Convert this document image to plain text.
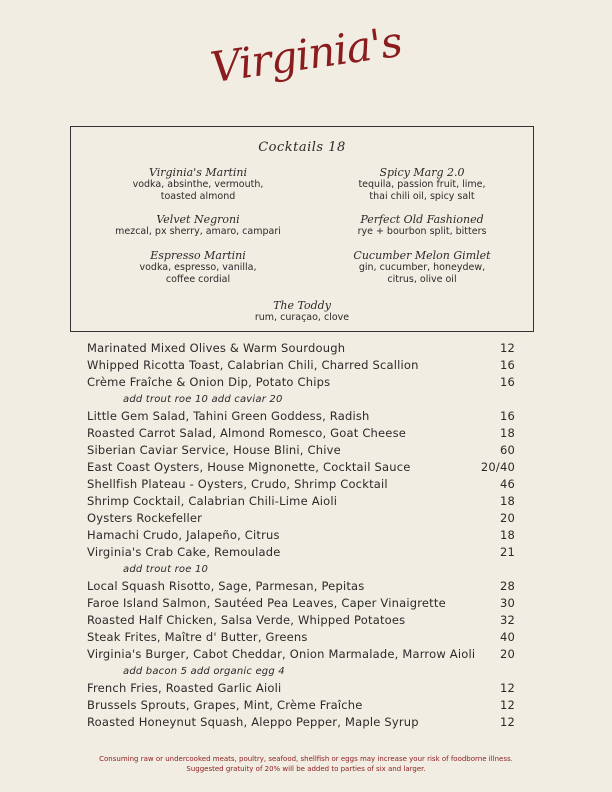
Virginia's
Cocktails 18
Virginia's Martini
vodka, absinthe, vermouth,
toasted almond
Spicy Marg 2.0
tequila, passion fruit, lime,
thai chili oil, spicy salt
Velvet Negroni
mezcal, px sherry, amaro, campari
Perfect Old Fashioned
rye + bourbon split, bitters
Espresso Martini
vodka, espresso, vanilla,
coffee cordial
Cucumber Melon Gimlet
gin, cucumber, honeydew,
citrus, olive oil
The Toddy
rum, curaçao, clove
Marinated Mixed Olives & Warm Sourdough	12
Whipped Ricotta Toast, Calabrian Chili, Charred Scallion	16
Crème Fraîche & Onion Dip, Potato Chips	16
add trout roe 10 add caviar 20
Little Gem Salad, Tahini Green Goddess, Radish	16
Roasted Carrot Salad, Almond Romesco, Goat Cheese	18
Siberian Caviar Service, House Blini, Chive	60
East Coast Oysters, House Mignonette, Cocktail Sauce	20/40
Shellfish Plateau - Oysters, Crudo, Shrimp Cocktail	46
Shrimp Cocktail, Calabrian Chili-Lime Aioli	18
Oysters Rockefeller	20
Hamachi Crudo, Jalapeño, Citrus	18
Virginia's Crab Cake, Remoulade	21
add trout roe 10
Local Squash Risotto, Sage, Parmesan, Pepitas	28
Faroe Island Salmon, Sautéed Pea Leaves, Caper Vinaigrette	30
Roasted Half Chicken, Salsa Verde, Whipped Potatoes	32
Steak Frites, Maître d' Butter, Greens	40
Virginia's Burger, Cabot Cheddar, Onion Marmalade, Marrow Aioli 20
add bacon 5 add organic egg 4
French Fries, Roasted Garlic Aioli	12
Brussels Sprouts, Grapes, Mint, Crème Fraîche	12
Roasted Honeynut Squash, Aleppo Pepper, Maple Syrup	12
Consuming raw or undercooked meats, poultry, seafood, shellfish or eggs may increase your risk of foodborne illness.
Suggested gratuity of 20% will be added to parties of six and larger.
